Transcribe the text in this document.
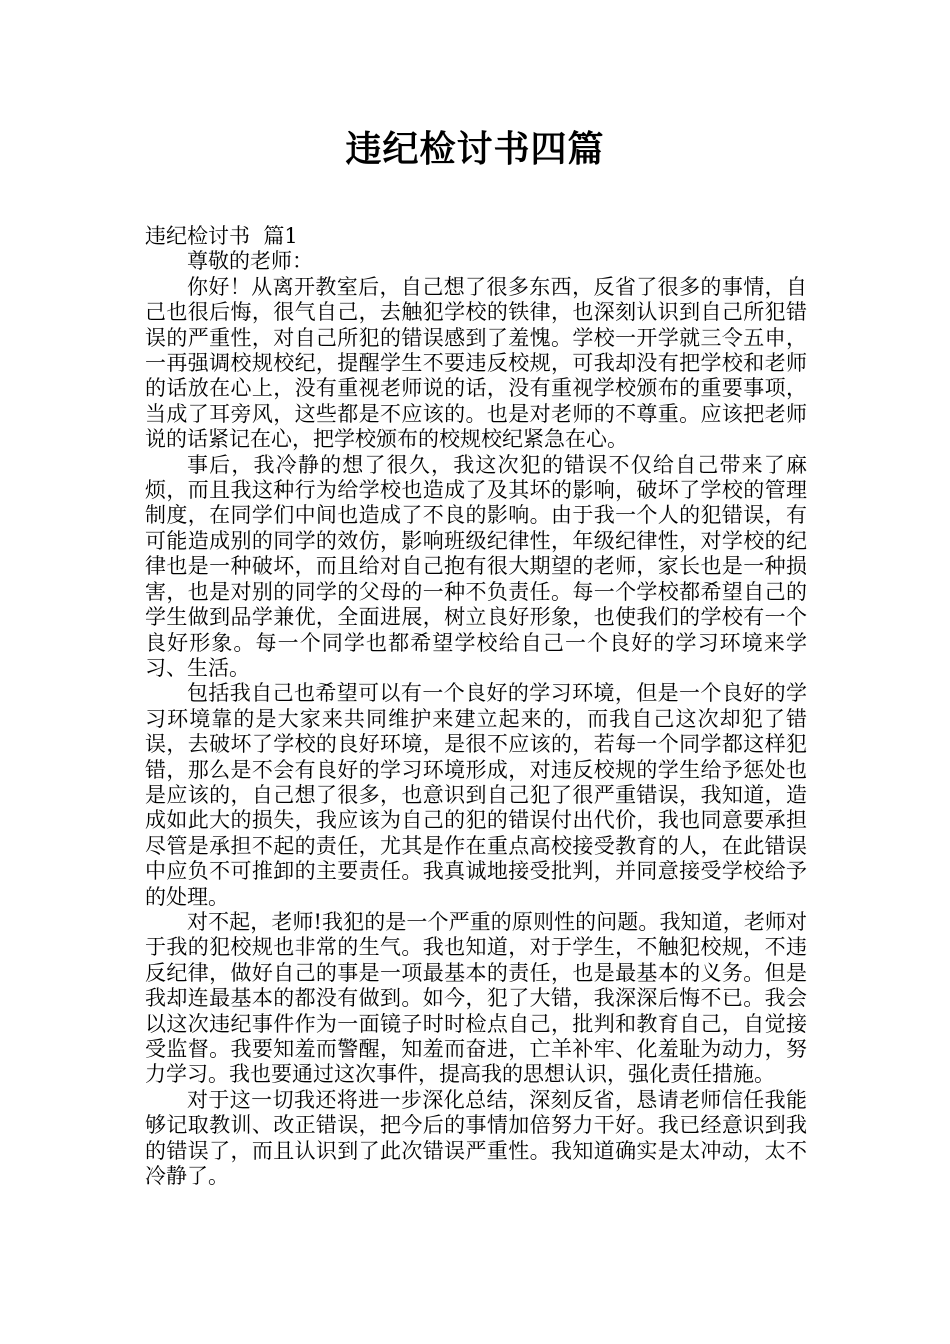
违纪检讨书四篇

违纪检讨书  篇1

尊敬的老师：

你好！从离开教室后，自己想了很多东西，反省了很多的事情，自己也很后悔，很气自己，去触犯学校的铁律，也深刻认识到自己所犯错误的严重性，对自己所犯的错误感到了羞愧。学校一开学就三令五申，一再强调校规校纪，提醒学生不要违反校规，可我却没有把学校和老师的话放在心上，没有重视老师说的话，没有重视学校颁布的重要事项，当成了耳旁风，这些都是不应该的。也是对老师的不尊重。应该把老师说的话紧记在心，把学校颁布的校规校纪紧急在心。

事后，我冷静的想了很久，我这次犯的错误不仅给自己带来了麻烦，而且我这种行为给学校也造成了及其坏的影响，破坏了学校的管理制度，在同学们中间也造成了不良的影响。由于我一个人的犯错误，有可能造成别的同学的效仿，影响班级纪律性，年级纪律性，对学校的纪律也是一种破坏，而且给对自己抱有很大期望的老师，家长也是一种损害，也是对别的同学的父母的一种不负责任。每一个学校都希望自己的学生做到品学兼优，全面进展，树立良好形象，也使我们的学校有一个良好形象。每一个同学也都希望学校给自己一个良好的学习环境来学习、生活。

包括我自己也希望可以有一个良好的学习环境，但是一个良好的学习环境靠的是大家来共同维护来建立起来的，而我自己这次却犯了错误，去破坏了学校的良好环境，是很不应该的，若每一个同学都这样犯错，那么是不会有良好的学习环境形成，对违反校规的学生给予惩处也是应该的，自己想了很多，也意识到自己犯了很严重错误，我知道，造成如此大的损失，我应该为自己的犯的错误付出代价，我也同意要承担尽管是承担不起的责任，尤其是作在重点高校接受教育的人，在此错误中应负不可推卸的主要责任。我真诚地接受批判，并同意接受学校给予的处理。

对不起，老师!我犯的是一个严重的原则性的问题。我知道，老师对于我的犯校规也非常的生气。我也知道，对于学生，不触犯校规，不违反纪律，做好自己的事是一项最基本的责任，也是最基本的义务。但是我却连最基本的都没有做到。如今，犯了大错，我深深后悔不已。我会以这次违纪事件作为一面镜子时时检点自己，批判和教育自己，自觉接受监督。我要知羞而警醒，知羞而奋进，亡羊补牢、化羞耻为动力，努力学习。我也要通过这次事件，提高我的思想认识，强化责任措施。

对于这一切我还将进一步深化总结，深刻反省，恳请老师信任我能够记取教训、改正错误，把今后的事情加倍努力干好。我已经意识到我的错误了，而且认识到了此次错误严重性。我知道确实是太冲动，太不冷静了。
